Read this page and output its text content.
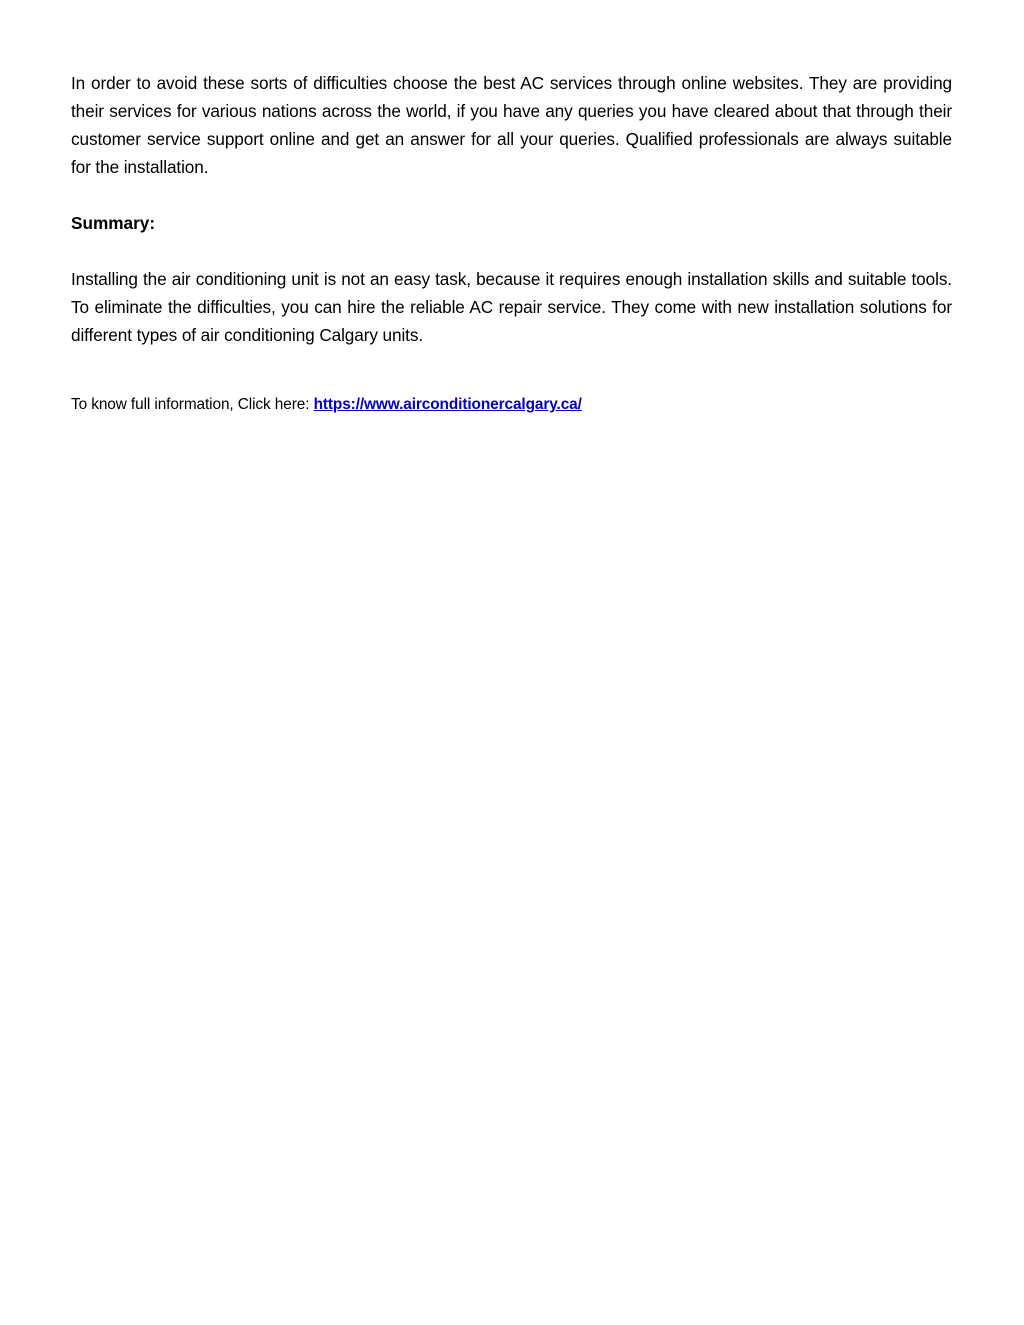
In order to avoid these sorts of difficulties choose the best AC services through online websites. They are providing their services for various nations across the world, if you have any queries you have cleared about that through their customer service support online and get an answer for all your queries. Qualified professionals are always suitable for the installation.

Summary:

Installing the air conditioning unit is not an easy task, because it requires enough installation skills and suitable tools. To eliminate the difficulties, you can hire the reliable AC repair service. They come with new installation solutions for different types of air conditioning Calgary units.

To know full information, Click here: https://www.airconditionercalgary.ca/
